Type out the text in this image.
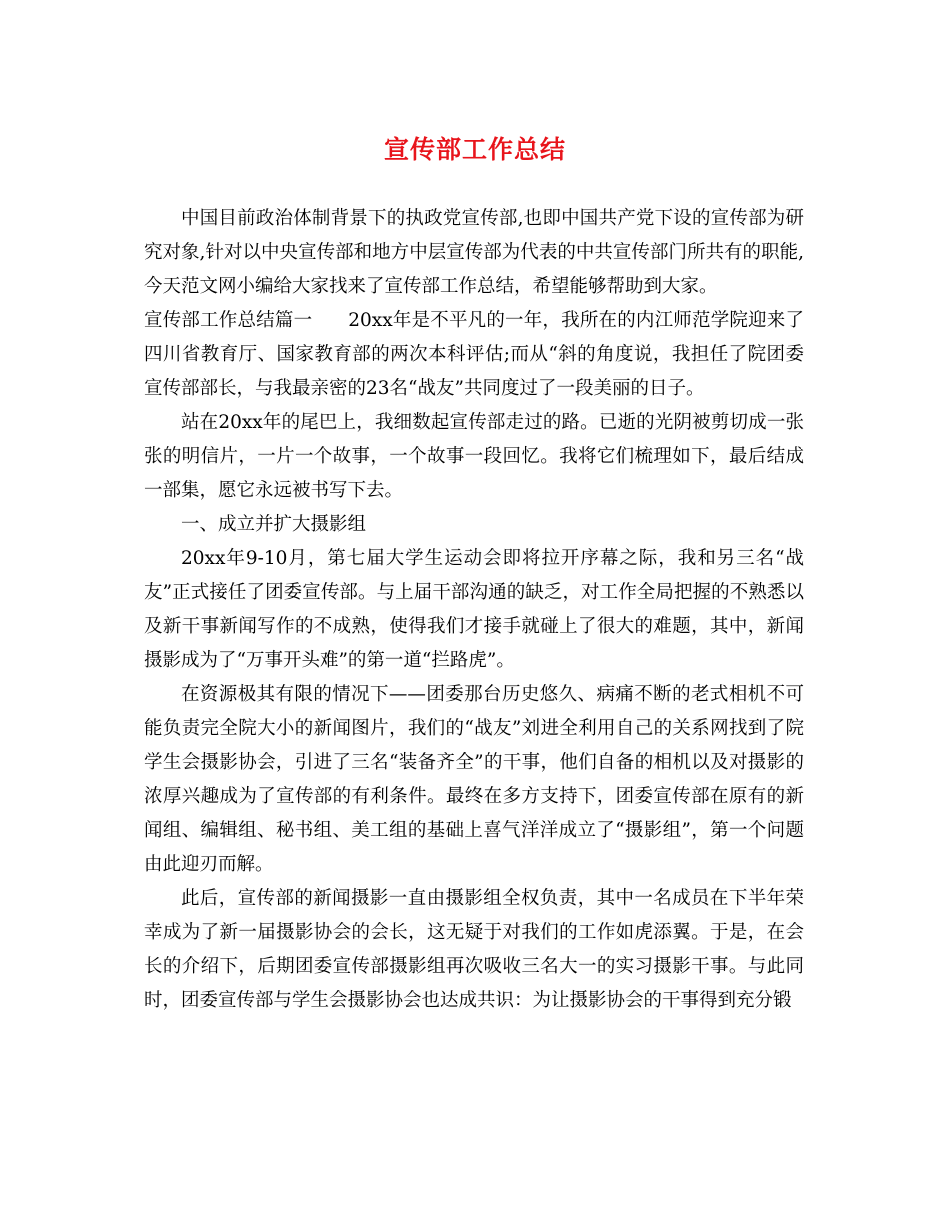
宣传部工作总结

中国目前政治体制背景下的执政党宣传部,也即中国共产党下设的宣传部为研究对象,针对以中央宣传部和地方中层宣传部为代表的中共宣传部门所共有的职能,今天范文网小编给大家找来了宣传部工作总结，希望能够帮助到大家。

宣传部工作总结篇一 20xx年是不平凡的一年，我所在的内江师范学院迎来了四川省教育厅、国家教育部的两次本科评估;而从“斜的角度说，我担任了院团委宣传部部长，与我最亲密的23名“战友”共同度过了一段美丽的日子。

站在20xx年的尾巴上，我细数起宣传部走过的路。已逝的光阴被剪切成一张张的明信片，一片一个故事，一个故事一段回忆。我将它们梳理如下，最后结成一部集，愿它永远被书写下去。

一、成立并扩大摄影组

20xx年9-10月，第七届大学生运动会即将拉开序幕之际，我和另三名“战友”正式接任了团委宣传部。与上届干部沟通的缺乏，对工作全局把握的不熟悉以及新干事新闻写作的不成熟，使得我们才接手就碰上了很大的难题，其中，新闻摄影成为了“万事开头难”的第一道“拦路虎”。

在资源极其有限的情况下——团委那台历史悠久、病痛不断的老式相机不可能负责完全院大小的新闻图片，我们的“战友”刘进全利用自己的关系网找到了院学生会摄影协会，引进了三名“装备齐全”的干事，他们自备的相机以及对摄影的浓厚兴趣成为了宣传部的有利条件。最终在多方支持下，团委宣传部在原有的新闻组、编辑组、秘书组、美工组的基础上喜气洋洋成立了“摄影组”，第一个问题由此迎刃而解。

此后，宣传部的新闻摄影一直由摄影组全权负责，其中一名成员在下半年荣幸成为了新一届摄影协会的会长，这无疑于对我们的工作如虎添翼。于是，在会长的介绍下，后期团委宣传部摄影组再次吸收三名大一的实习摄影干事。与此同时，团委宣传部与学生会摄影协会也达成共识：为让摄影协会的干事得到充分锻
